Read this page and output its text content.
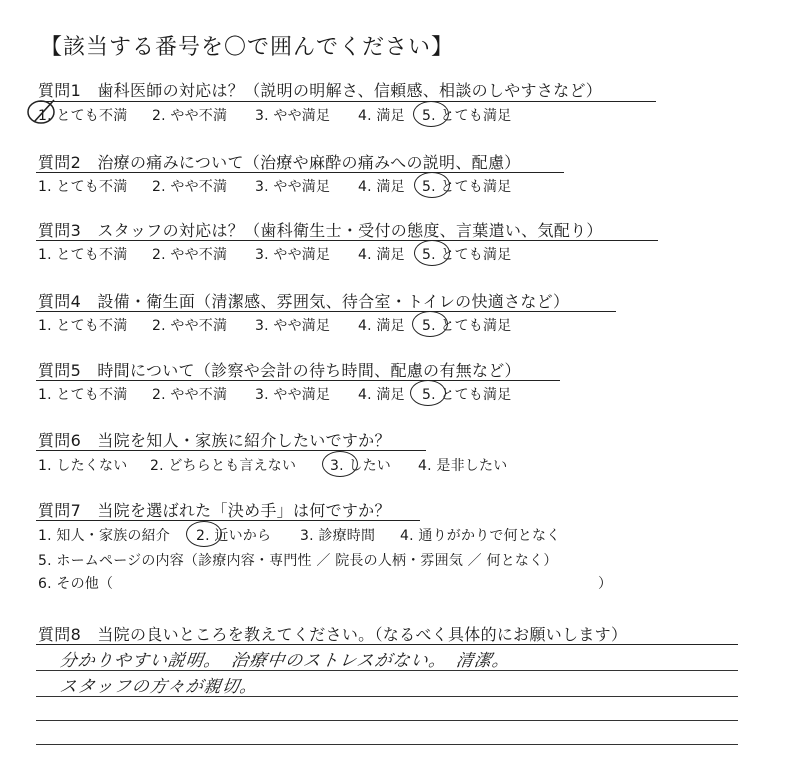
【該当する番号を〇で囲んでください】
質問1　歯科医師の対応は？（説明の明解さ、信頼感、相談のしやすさなど）
1. とても不満 2. やや不満 3. やや満足 4. 満足 5. とても満足
質問2　治療の痛みについて（治療や麻酔の痛みへの説明、配慮）
1. とても不満 2. やや不満 3. やや満足 4. 満足 5. とても満足
質問3　スタッフの対応は？（歯科衛生士・受付の態度、言葉遣い、気配り）
1. とても不満 2. やや不満 3. やや満足 4. 満足 5. とても満足
質問4　設備・衛生面（清潔感、雰囲気、待合室・トイレの快適さなど）
1. とても不満 2. やや不満 3. やや満足 4. 満足 5. とても満足
質問5　時間について（診察や会計の待ち時間、配慮の有無など）
1. とても不満 2. やや不満 3. やや満足 4. 満足 5. とても満足
質問6　当院を知人・家族に紹介したいですか？
1. したくない 2. どちらとも言えない 3. したい 4. 是非したい
質問7　当院を選ばれた「決め手」は何ですか？
1. 知人・家族の紹介 2. 近いから 3. 診療時間 4. 通りがかりで何となく
5. ホームページの内容（診療内容・専門性 ／ 院長の人柄・雰囲気 ／ 何となく）
6. その他（	）
質問8　当院の良いところを教えてください。（なるべく具体的にお願いします）
分かりやすい説明。　治療中のストレスがない。　清潔。
スタッフの方々が親切。
